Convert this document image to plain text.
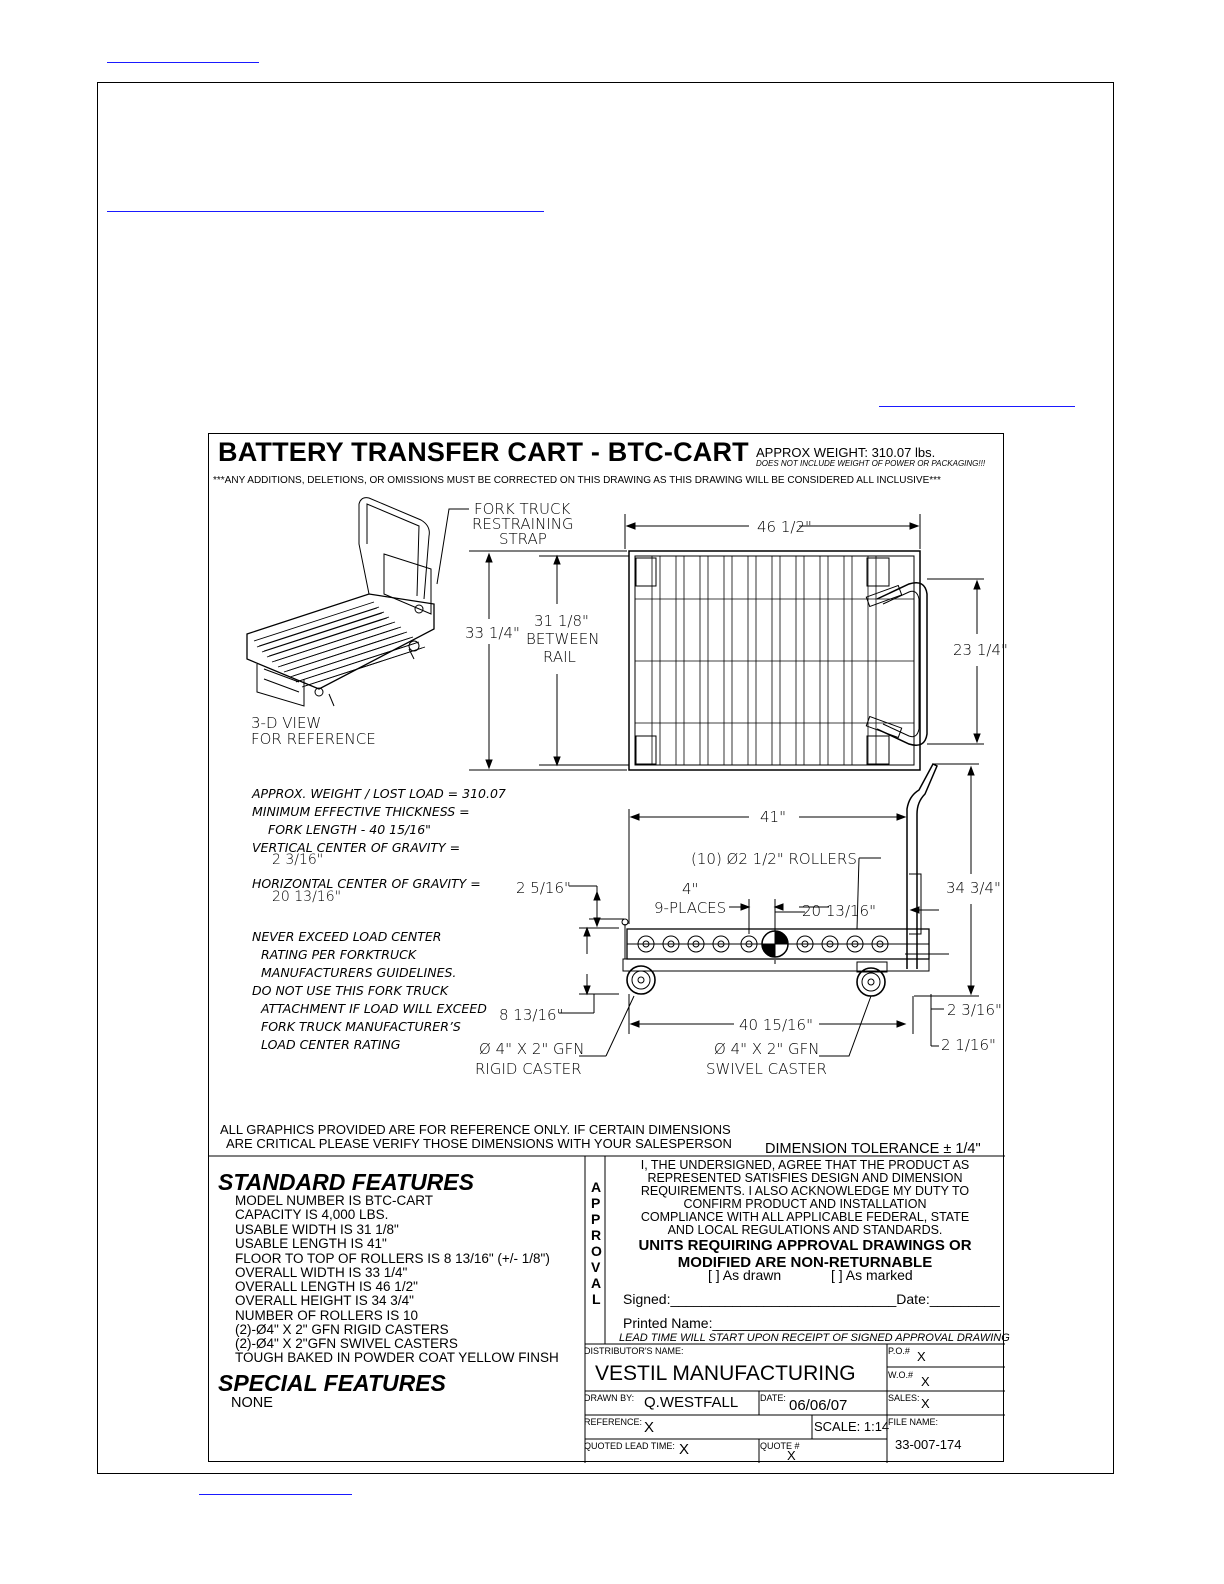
BATTERY TRANSFER CART - BTC-CART APPROX WEIGHT: 310.07 lbs.
DOES NOT INCLUDE WEIGHT OF POWER OR PACKAGING!!!
***ANY ADDITIONS, DELETIONS, OR OMISSIONS MUST BE CORRECTED ON THIS DRAWING AS THIS DRAWING WILL BE CONSIDERED ALL INCLUSIVE***
FORK TRUCK
RESTRAINING
STRAP
3-D VIEW
FOR REFERENCE
46 1/2"
33 1/4"
31 1/8"
BETWEEN
RAIL	23 1/4"
41"
(10) Ø2 1/2" ROLLERS
4"
9-PLACES	20 13/16"
2 5/16"	34 3/4"
8 13/16"
40 15/16"
2 3/16"
2 1/16"
Ø 4" X 2" GFN
RIGID CASTER
Ø 4" X 2" GFN
SWIVEL CASTER
APPROX. WEIGHT / LOST LOAD = 310.07
MINIMUM EFFECTIVE THICKNESS =
FORK LENGTH - 40 15/16"
VERTICAL CENTER OF GRAVITY =
2 3/16"
HORIZONTAL CENTER OF GRAVITY =
20 13/16"
NEVER EXCEED LOAD CENTER
RATING PER FORKTRUCK
MANUFACTURERS GUIDELINES.
DO NOT USE THIS FORK TRUCK
ATTACHMENT IF LOAD WILL EXCEED
FORK TRUCK MANUFACTURER’S
LOAD CENTER RATING
ALL GRAPHICS PROVIDED ARE FOR REFERENCE ONLY. IF CERTAIN DIMENSIONS
ARE CRITICAL PLEASE VERIFY THOSE DIMENSIONS WITH YOUR SALESPERSON DIMENSION TOLERANCE ± 1/4"
STANDARD FEATURES
MODEL NUMBER IS BTC-CART
CAPACITY IS 4,000 LBS.
USABLE WIDTH IS 31 1/8"
USABLE LENGTH IS 41"
FLOOR TO TOP OF ROLLERS IS 8 13/16" (+/- 1/8")
OVERALL WIDTH IS 33 1/4"
OVERALL LENGTH IS 46 1/2"
OVERALL HEIGHT IS 34 3/4"
NUMBER OF ROLLERS IS 10
(2)-Ø4" X 2" GFN RIGID CASTERS
(2)-Ø4" X 2"GFN SWIVEL CASTERS
TOUGH BAKED IN POWDER COAT YELLOW FINSH
SPECIAL FEATURES
NONE
A
P
P
R
O
V
A
L
I, THE UNDERSIGNED, AGREE THAT THE PRODUCT AS
REPRESENTED SATISFIES DESIGN AND DIMENSION
REQUIREMENTS. I ALSO ACKNOWLEDGE MY DUTY TO
CONFIRM PRODUCT AND INSTALLATION
COMPLIANCE WITH ALL APPLICABLE FEDERAL, STATE
AND LOCAL REGULATIONS AND STANDARDS.
UNITS REQUIRING APPROVAL DRAWINGS OR
MODIFIED ARE NON-RETURNABLE
[ ] As drawn	[ ] As marked
Signed:_____________________________Date:_________
Printed Name:_____________________________________
LEAD TIME WILL START UPON RECEIPT OF SIGNED APPROVAL DRAWING
DISTRIBUTOR'S NAME:
VESTIL MANUFACTURING
P.O.# X
W.O.# X
DRAWN BY: Q.WESTFALL DATE: 06/06/07	SALES: X
REFERENCE: X	SCALE: 1:14
FILE NAME:
33-007-174
QUOTED LEAD TIME: X	QUOTE #
X
